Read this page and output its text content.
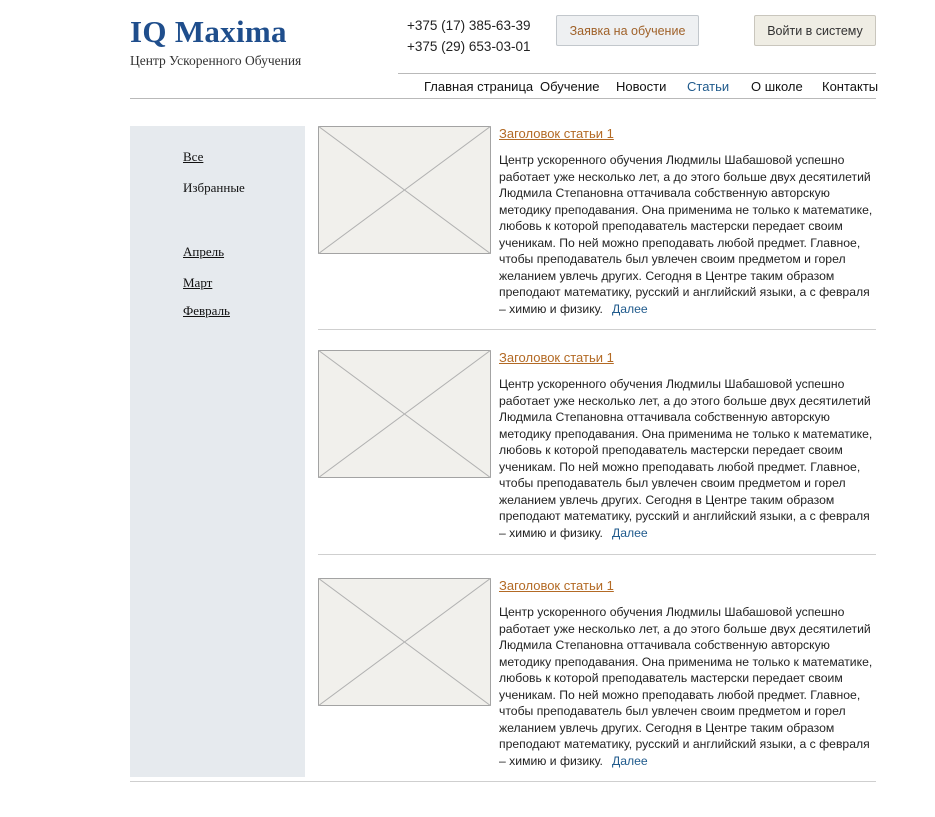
IQ Maxima
Центр Ускоренного Обучения
+375 (17) 385-63-39
+375 (29) 653-03-01
Заявка на обучение	Войти в систему
Главная страница Обучение Новости Статьи О школе Контакты
Все
Избранные
Апрель
Март
Февраль
Заголовок статьи 1
Центр ускоренного обучения Людмилы Шабашовой успешно работает уже несколько лет, а до этого больше двух десятилетий Людмила Степановна оттачивала собственную авторскую методику преподавания. Она применима не только к математике, любовь к которой преподаватель мастерски передает своим ученикам. По ней можно преподавать любой предмет. Главное, чтобы преподаватель был увлечен своим предметом и горел желанием увлечь других. Сегодня в Центре таким образом преподают математику, русский и английский языки, а с февраля – химию и физику. Далее
Заголовок статьи 1
Центр ускоренного обучения Людмилы Шабашовой успешно работает уже несколько лет, а до этого больше двух десятилетий Людмила Степановна оттачивала собственную авторскую методику преподавания. Она применима не только к математике, любовь к которой преподаватель мастерски передает своим ученикам. По ней можно преподавать любой предмет. Главное, чтобы преподаватель был увлечен своим предметом и горел желанием увлечь других. Сегодня в Центре таким образом преподают математику, русский и английский языки, а с февраля – химию и физику. Далее
Заголовок статьи 1
Центр ускоренного обучения Людмилы Шабашовой успешно работает уже несколько лет, а до этого больше двух десятилетий Людмила Степановна оттачивала собственную авторскую методику преподавания. Она применима не только к математике, любовь к которой преподаватель мастерски передает своим ученикам. По ней можно преподавать любой предмет. Главное, чтобы преподаватель был увлечен своим предметом и горел желанием увлечь других. Сегодня в Центре таким образом преподают математику, русский и английский языки, а с февраля – химию и физику. Далее
